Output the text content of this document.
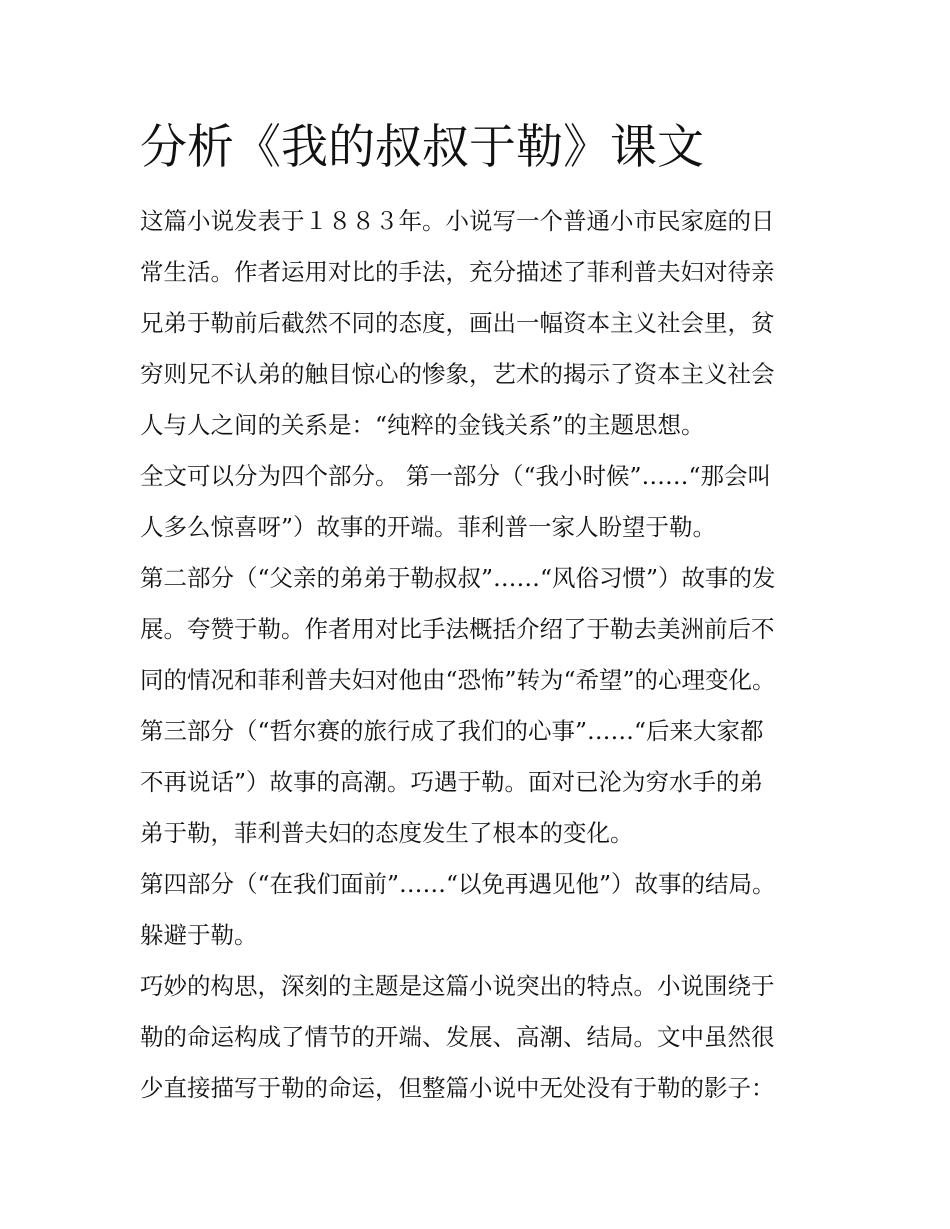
分析《我的叔叔于勒》课文
这篇小说发表于１８８３年。小说写一个普通小市民家庭的日
常生活。作者运用对比的手法，充分描述了菲利普夫妇对待亲
兄弟于勒前后截然不同的态度，画出一幅资本主义社会里，贫
穷则兄不认弟的触目惊心的惨象，艺术的揭示了资本主义社会
人与人之间的关系是：“纯粹的金钱关系”的主题思想。
全文可以分为四个部分。 第一部分（“我小时候”……“那会叫
人多么惊喜呀”）故事的开端。菲利普一家人盼望于勒。
第二部分（“父亲的弟弟于勒叔叔”……“风俗习惯”）故事的发
展。夸赞于勒。作者用对比手法概括介绍了于勒去美洲前后不
同的情况和菲利普夫妇对他由“恐怖”转为“希望”的心理变化。
第三部分（“哲尔赛的旅行成了我们的心事”……“后来大家都
不再说话”）故事的高潮。巧遇于勒。面对已沦为穷水手的弟
弟于勒，菲利普夫妇的态度发生了根本的变化。
第四部分（“在我们面前”……“以免再遇见他”）故事的结局。
躲避于勒。
巧妙的构思，深刻的主题是这篇小说突出的特点。小说围绕于
勒的命运构成了情节的开端、发展、高潮、结局。文中虽然很
少直接描写于勒的命运，但整篇小说中无处没有于勒的影子：
